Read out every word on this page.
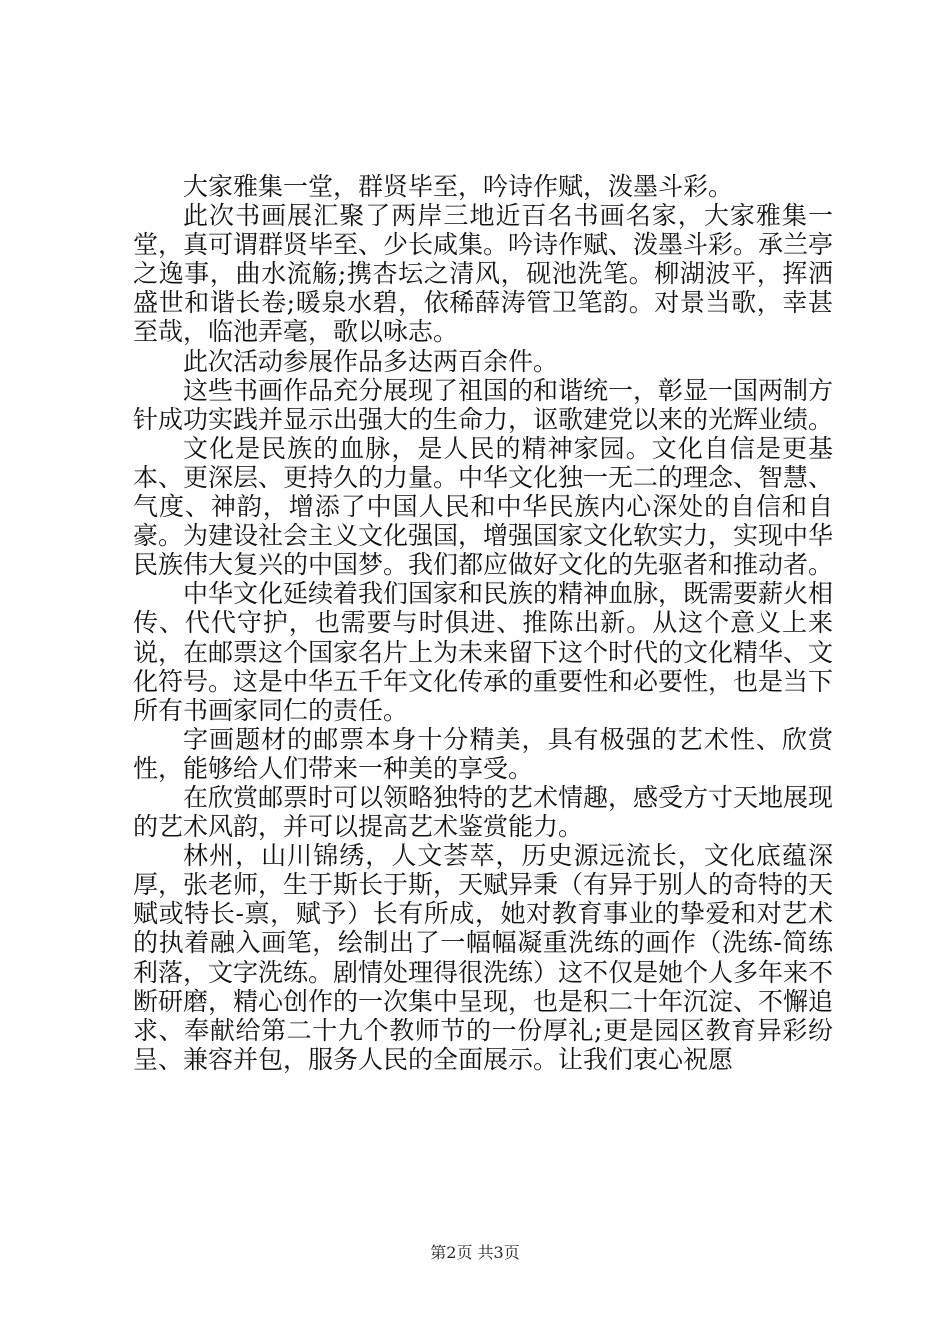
大家雅集一堂，群贤毕至，吟诗作赋，泼墨斗彩。

此次书画展汇聚了两岸三地近百名书画名家，大家雅集一堂，真可谓群贤毕至、少长咸集。吟诗作赋、泼墨斗彩。承兰亭之逸事，曲水流觞;携杏坛之清风，砚池洗笔。柳湖波平，挥洒盛世和谐长卷;暖泉水碧，依稀薛涛管卫笔韵。对景当歌，幸甚至哉，临池弄毫，歌以咏志。

此次活动参展作品多达两百余件。

这些书画作品充分展现了祖国的和谐统一，彰显一国两制方针成功实践并显示出强大的生命力，讴歌建党以来的光辉业绩。

文化是民族的血脉，是人民的精神家园。文化自信是更基本、更深层、更持久的力量。中华文化独一无二的理念、智慧、气度、神韵，增添了中国人民和中华民族内心深处的自信和自豪。为建设社会主义文化强国，增强国家文化软实力，实现中华民族伟大复兴的中国梦。我们都应做好文化的先驱者和推动者。

中华文化延续着我们国家和民族的精神血脉，既需要薪火相传、代代守护，也需要与时俱进、推陈出新。从这个意义上来说，在邮票这个国家名片上为未来留下这个时代的文化精华、文化符号。这是中华五千年文化传承的重要性和必要性，也是当下所有书画家同仁的责任。

字画题材的邮票本身十分精美，具有极强的艺术性、欣赏性，能够给人们带来一种美的享受。

在欣赏邮票时可以领略独特的艺术情趣，感受方寸天地展现的艺术风韵，并可以提高艺术鉴赏能力。

林州，山川锦绣，人文荟萃，历史源远流长，文化底蕴深厚，张老师，生于斯长于斯，天赋异秉（有异于别人的奇特的天赋或特长-禀，赋予）长有所成，她对教育事业的挚爱和对艺术的执着融入画笔，绘制出了一幅幅凝重洗练的画作（洗练-简练利落，文字洗练。剧情处理得很洗练）这不仅是她个人多年来不断研磨，精心创作的一次集中呈现，也是积二十年沉淀、不懈追求、奉献给第二十九个教师节的一份厚礼;更是园区教育异彩纷呈、兼容并包，服务人民的全面展示。让我们衷心祝愿

第2页 共3页
